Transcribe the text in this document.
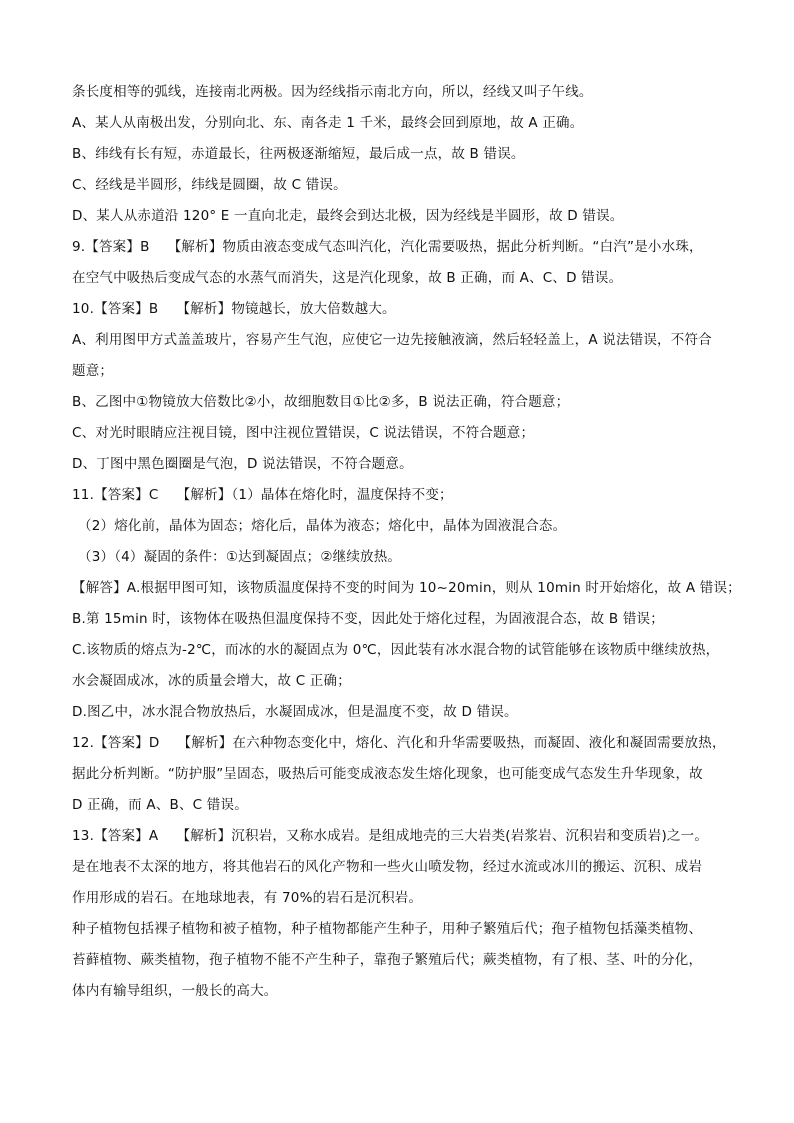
条长度相等的弧线，连接南北两极。因为经线指示南北方向，所以，经线又叫子午线。
A、某人从南极出发，分别向北、东、南各走 1 千米，最终会回到原地，故 A 正确。
B、纬线有长有短，赤道最长，往两极逐渐缩短，最后成一点，故 B 错误。
C、经线是半圆形，纬线是圆圈，故 C 错误。
D、某人从赤道沿 120° E 一直向北走，最终会到达北极，因为经线是半圆形，故 D 错误。
9.【答案】B　 【解析】物质由液态变成气态叫汽化，汽化需要吸热，据此分析判断。“白汽”是小水珠，
在空气中吸热后变成气态的水蒸气而消失，这是汽化现象，故 B 正确，而 A、C、D 错误。
10.【答案】B　 【解析】物镜越长，放大倍数越大。
A、利用图甲方式盖盖玻片，容易产生气泡，应使它一边先接触液滴，然后轻轻盖上，A 说法错误，不符合
题意；
B、乙图中①物镜放大倍数比②小，故细胞数目①比②多，B 说法正确，符合题意；
C、对光时眼睛应注视目镜，图中注视位置错误，C 说法错误，不符合题意；
D、丁图中黑色圈圈是气泡，D 说法错误，不符合题意。
11.【答案】C　 【解析】（1）晶体在熔化时，温度保持不变；
（2）熔化前，晶体为固态；熔化后，晶体为液态；熔化中，晶体为固液混合态。
（3）（4）凝固的条件：①达到凝固点；②继续放热。
【解答】A.根据甲图可知，该物质温度保持不变的时间为 10~20min，则从 10min 时开始熔化，故 A 错误；
B.第 15min 时，该物体在吸热但温度保持不变，因此处于熔化过程，为固液混合态，故 B 错误；
C.该物质的熔点为-2℃，而冰的水的凝固点为 0℃，因此装有冰水混合物的试管能够在该物质中继续放热，
水会凝固成冰，冰的质量会增大，故 C 正确；
D.图乙中，冰水混合物放热后，水凝固成冰，但是温度不变，故 D 错误。
12.【答案】D　 【解析】在六种物态变化中，熔化、汽化和升华需要吸热，而凝固、液化和凝固需要放热，
据此分析判断。“防护服”呈固态，吸热后可能变成液态发生熔化现象，也可能变成气态发生升华现象，故
D 正确，而 A、B、C 错误。
13.【答案】A　 【解析】沉积岩，又称水成岩。是组成地壳的三大岩类(岩浆岩、沉积岩和变质岩)之一。
是在地表不太深的地方，将其他岩石的风化产物和一些火山喷发物，经过水流或冰川的搬运、沉积、成岩
作用形成的岩石。在地球地表，有 70%的岩石是沉积岩。
种子植物包括裸子植物和被子植物，种子植物都能产生种子，用种子繁殖后代；孢子植物包括藻类植物、
苔藓植物、蕨类植物，孢子植物不能不产生种子，靠孢子繁殖后代；蕨类植物，有了根、茎、叶的分化，
体内有输导组织，一般长的高大。
